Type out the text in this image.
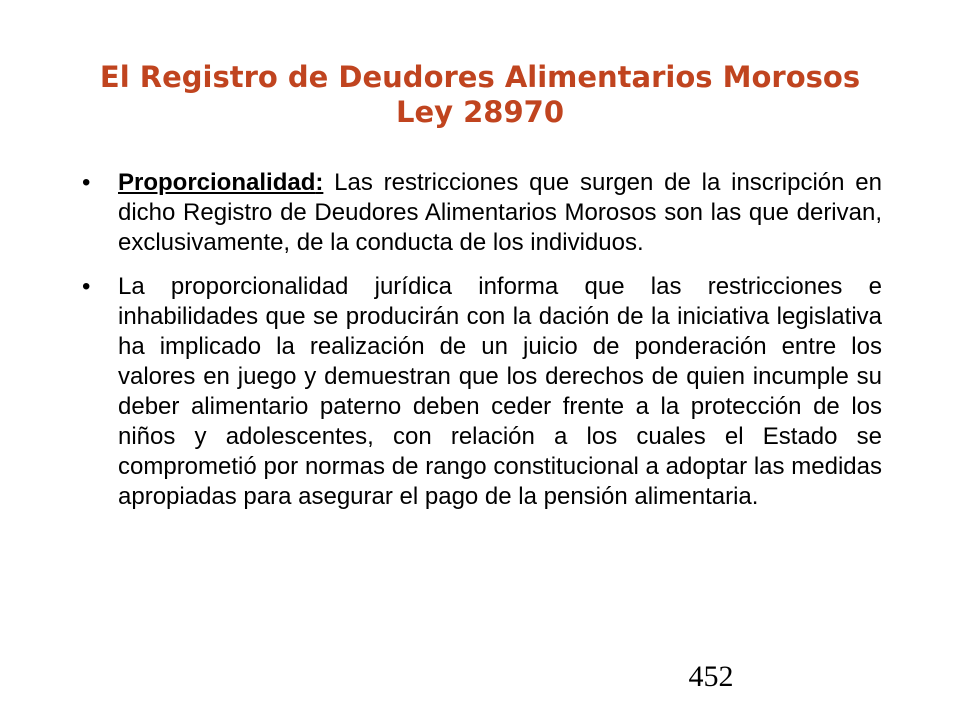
El Registro de Deudores Alimentarios Morosos
Ley 28970
•	Proporcionalidad: Las restricciones que surgen de la inscripción en dicho Registro de Deudores Alimentarios Morosos son las que derivan, exclusivamente, de la conducta de los individuos.
•	La proporcionalidad jurídica informa que las restricciones e inhabilidades que se producirán con la dación de la iniciativa legislativa ha implicado la realización de un juicio de ponderación entre los valores en juego y demuestran que los derechos de quien incumple su deber alimentario paterno deben ceder frente a la protección de los niños y adolescentes, con relación a los cuales el Estado se comprometió por normas de rango constitucional a adoptar las medidas apropiadas para asegurar el pago de la pensión alimentaria.
452
